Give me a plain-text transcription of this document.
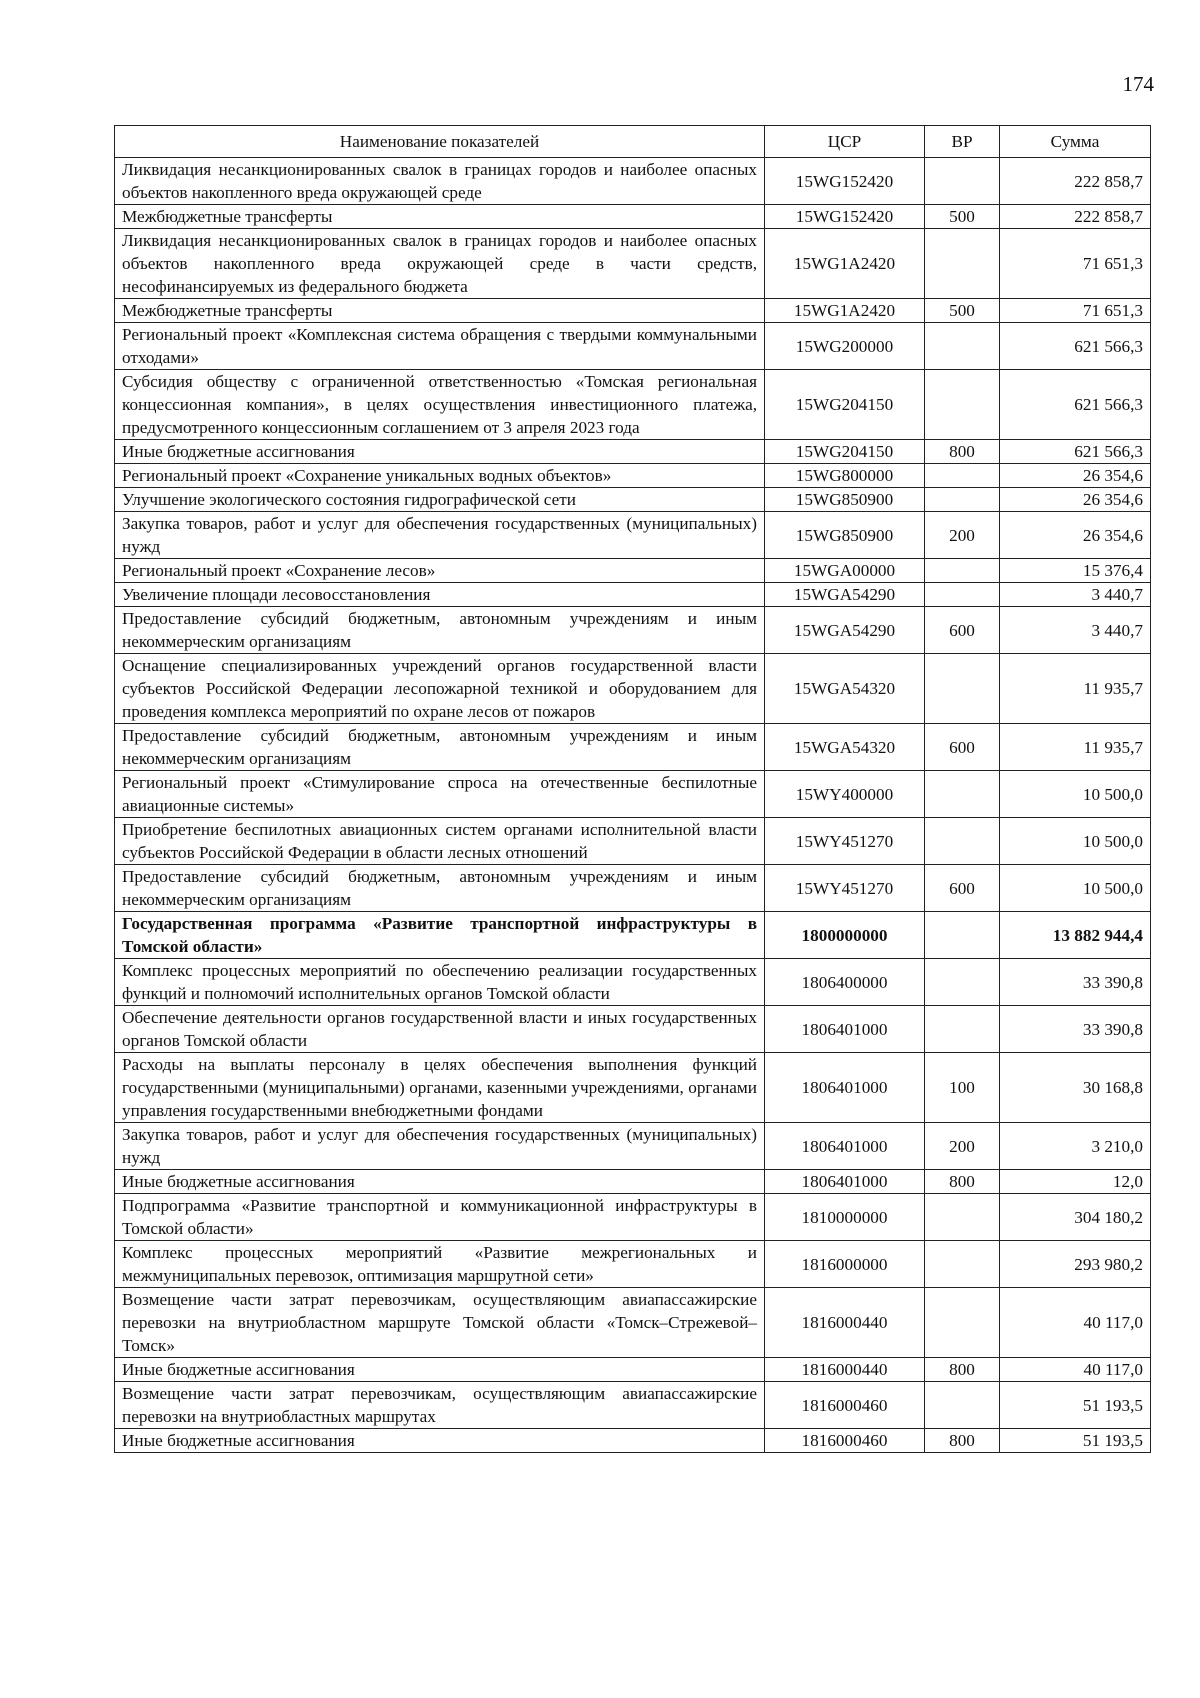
174
Наименование показателей	ЦСР	ВР	Сумма
Ликвидация несанкционированных свалок в границах городов и наиболее опасных объектов накопленного вреда окружающей среде	15WG152420		222 858,7
Межбюджетные трансферты	15WG152420	500	222 858,7
Ликвидация несанкционированных свалок в границах городов и наиболее опасных объектов накопленного вреда окружающей среде в части средств, несофинансируемых из федерального бюджета	15WG1A2420		71 651,3
Межбюджетные трансферты	15WG1A2420	500	71 651,3
Региональный проект «Комплексная система обращения с твердыми коммунальными отходами»	15WG200000		621 566,3
Субсидия обществу с ограниченной ответственностью «Томская региональная концессионная компания», в целях осуществления инвестиционного платежа, предусмотренного концессионным соглашением от 3 апреля 2023 года	15WG204150		621 566,3
Иные бюджетные ассигнования	15WG204150	800	621 566,3
Региональный проект «Сохранение уникальных водных объектов»	15WG800000		26 354,6
Улучшение экологического состояния гидрографической сети	15WG850900		26 354,6
Закупка товаров, работ и услуг для обеспечения государственных (муниципальных) нужд	15WG850900	200	26 354,6
Региональный проект «Сохранение лесов»	15WGA00000		15 376,4
Увеличение площади лесовосстановления	15WGA54290		3 440,7
Предоставление субсидий бюджетным, автономным учреждениям и иным некоммерческим организациям	15WGA54290	600	3 440,7
Оснащение специализированных учреждений органов государственной власти субъектов Российской Федерации лесопожарной техникой и оборудованием для проведения комплекса мероприятий по охране лесов от пожаров	15WGA54320		11 935,7
Предоставление субсидий бюджетным, автономным учреждениям и иным некоммерческим организациям	15WGA54320	600	11 935,7
Региональный проект «Стимулирование спроса на отечественные беспилотные авиационные системы»	15WY400000		10 500,0
Приобретение беспилотных авиационных систем органами исполнительной власти субъектов Российской Федерации в области лесных отношений	15WY451270		10 500,0
Предоставление субсидий бюджетным, автономным учреждениям и иным некоммерческим организациям	15WY451270	600	10 500,0
Государственная программа «Развитие транспортной инфраструктуры в Томской области»	1800000000		13 882 944,4
Комплекс процессных мероприятий по обеспечению реализации государственных функций и полномочий исполнительных органов Томской области	1806400000		33 390,8
Обеспечение деятельности органов государственной власти и иных государственных органов Томской области	1806401000		33 390,8
Расходы на выплаты персоналу в целях обеспечения выполнения функций государственными (муниципальными) органами, казенными учреждениями, органами управления государственными внебюджетными фондами	1806401000	100	30 168,8
Закупка товаров, работ и услуг для обеспечения государственных (муниципальных) нужд	1806401000	200	3 210,0
Иные бюджетные ассигнования	1806401000	800	12,0
Подпрограмма «Развитие транспортной и коммуникационной инфраструктуры в Томской области»	1810000000		304 180,2
Комплекс процессных мероприятий «Развитие межрегиональных и межмуниципальных перевозок, оптимизация маршрутной сети»	1816000000		293 980,2
Возмещение части затрат перевозчикам, осуществляющим авиапассажирские перевозки на внутриобластном маршруте Томской области «Томск–Стрежевой–Томск»	1816000440		40 117,0
Иные бюджетные ассигнования	1816000440	800	40 117,0
Возмещение части затрат перевозчикам, осуществляющим авиапассажирские перевозки на внутриобластных маршрутах	1816000460		51 193,5
Иные бюджетные ассигнования	1816000460	800	51 193,5
